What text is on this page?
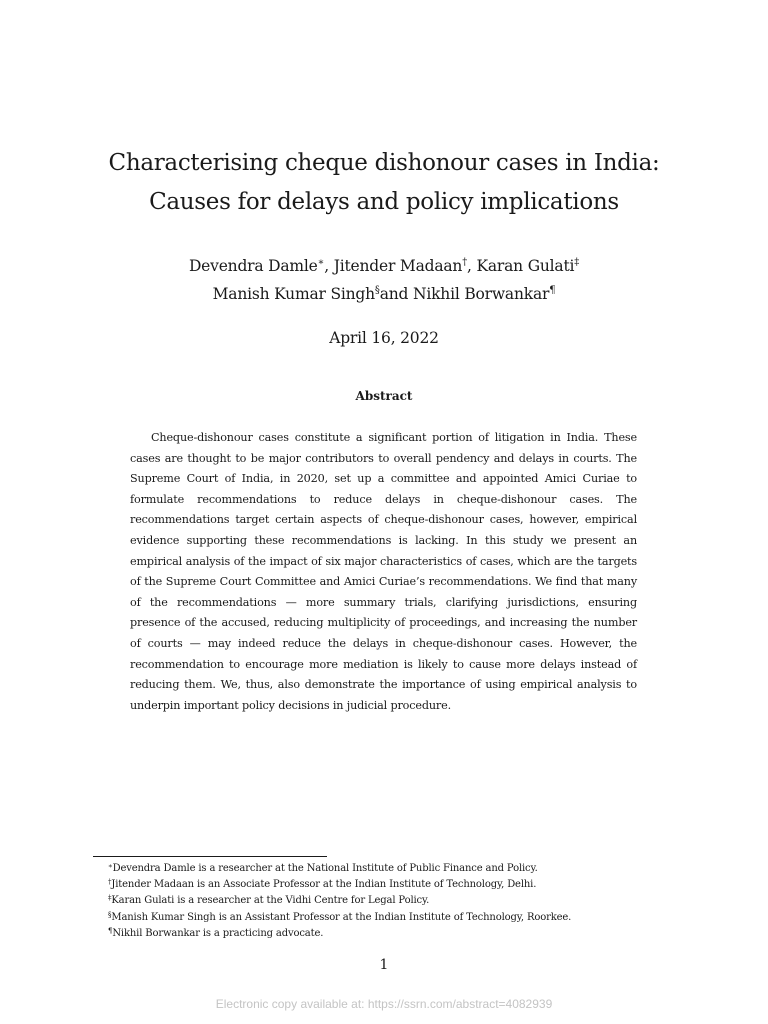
Characterising cheque dishonour cases in India:
Causes for delays and policy implications
Devendra Damle∗, Jitender Madaan†, Karan Gulati‡
Manish Kumar Singh§and Nikhil Borwankar¶
April 16, 2022
Abstract
Cheque-dishonour cases constitute a significant portion of litigation in India. These cases are thought to be major contributors to overall pendency and delays in courts. The Supreme Court of India, in 2020, set up a committee and appointed Amici Curiae to formulate recommendations to reduce delays in cheque-dishonour cases. The recommendations target certain aspects of cheque-dishonour cases, however, empirical evidence supporting these recommendations is lacking. In this study we present an empirical analysis of the impact of six major characteristics of cases, which are the targets of the Supreme Court Committee and Amici Curiae’s recommendations. We find that many of the recommendations — more summary trials, clarifying jurisdictions, ensuring presence of the accused, reducing multiplicity of proceedings, and increasing the number of courts — may indeed reduce the delays in cheque-dishonour cases. However, the recommendation to encourage more mediation is likely to cause more delays instead of reducing them. We, thus, also demonstrate the importance of using empirical analysis to underpin important policy decisions in judicial procedure.
∗Devendra Damle is a researcher at the National Institute of Public Finance and Policy.
†Jitender Madaan is an Associate Professor at the Indian Institute of Technology, Delhi.
‡Karan Gulati is a researcher at the Vidhi Centre for Legal Policy.
§Manish Kumar Singh is an Assistant Professor at the Indian Institute of Technology, Roorkee.
¶Nikhil Borwankar is a practicing advocate.
1
Electronic copy available at: https://ssrn.com/abstract=4082939
